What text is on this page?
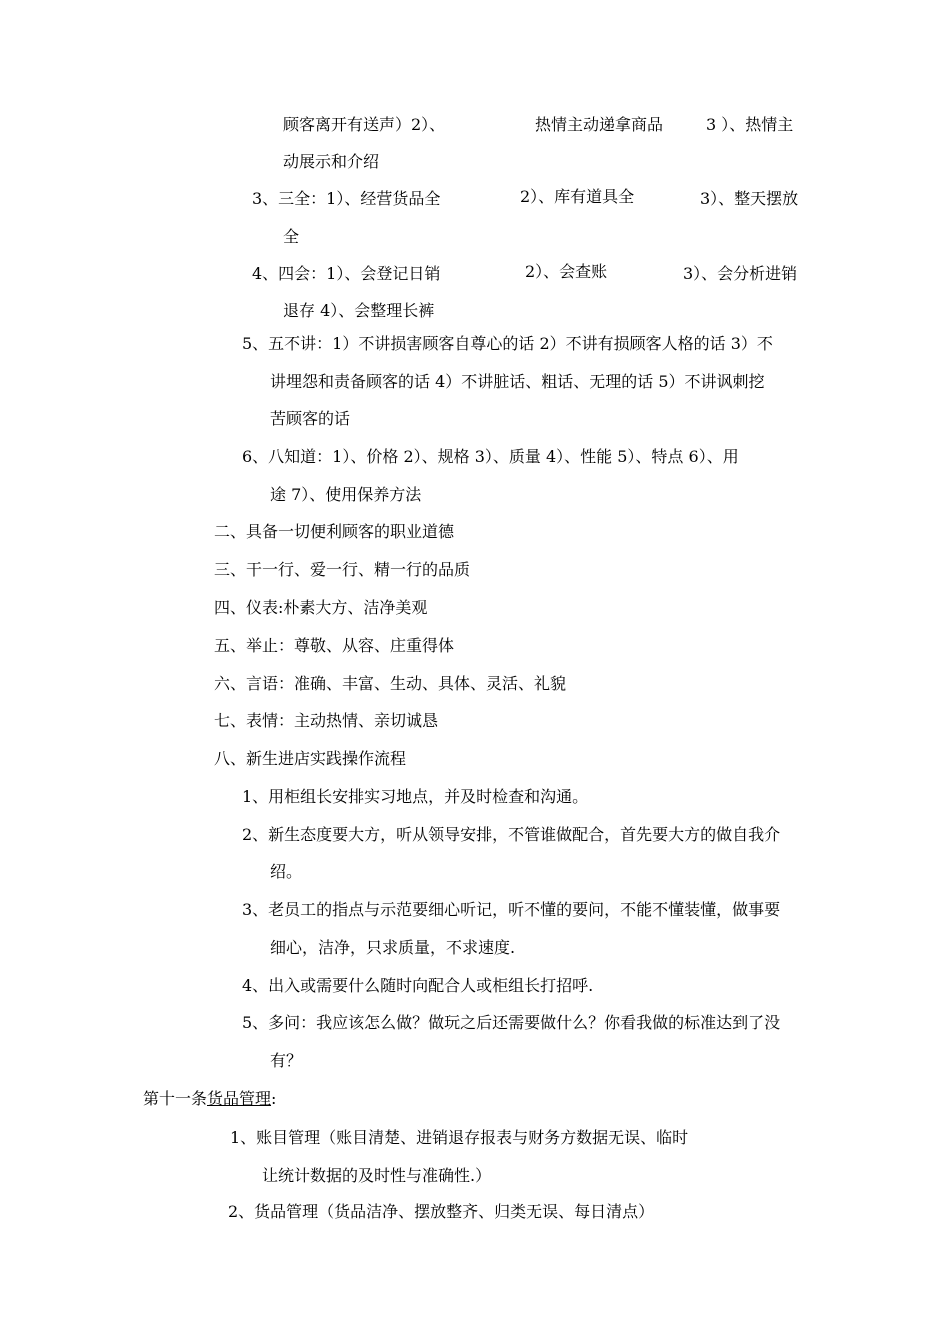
顾客离开有送声）2）、	热情主动递拿商品	3 ）、热情主
动展示和介绍
3、三全：1）、经营货品全	2）、库有道具全	3）、整天摆放
全
4、四会：1）、会登记日销	2）、会查账	3）、会分析进销
退存 4）、会整理长裤
5、五不讲：1）不讲损害顾客自尊心的话 2）不讲有损顾客人格的话 3）不
讲埋怨和责备顾客的话 4）不讲脏话、粗话、无理的话 5）不讲讽刺挖
苦顾客的话
6、八知道：1）、价格 2）、规格 3）、质量 4）、性能 5）、特点 6）、用
途 7）、使用保养方法
二、具备一切便利顾客的职业道德
三、干一行、爱一行、精一行的品质
四、仪表:朴素大方、洁净美观
五、举止：尊敬、从容、庄重得体
六、言语：准确、丰富、生动、具体、灵活、礼貌
七、表情：主动热情、亲切诚恳
八、新生进店实践操作流程
1、用柜组长安排实习地点，并及时检查和沟通。
2、新生态度要大方，听从领导安排，不管谁做配合，首先要大方的做自我介
绍。
3、老员工的指点与示范要细心听记，听不懂的要问，不能不懂装懂，做事要
细心，洁净，只求质量，不求速度.
4、出入或需要什么随时向配合人或柜组长打招呼.
5、多问：我应该怎么做？做玩之后还需要做什么？你看我做的标准达到了没
有？
第十一条货品管理:
1、账目管理（账目清楚、进销退存报表与财务方数据无误、临时
让统计数据的及时性与准确性.）
2、货品管理（货品洁净、摆放整齐、归类无误、每日清点）
